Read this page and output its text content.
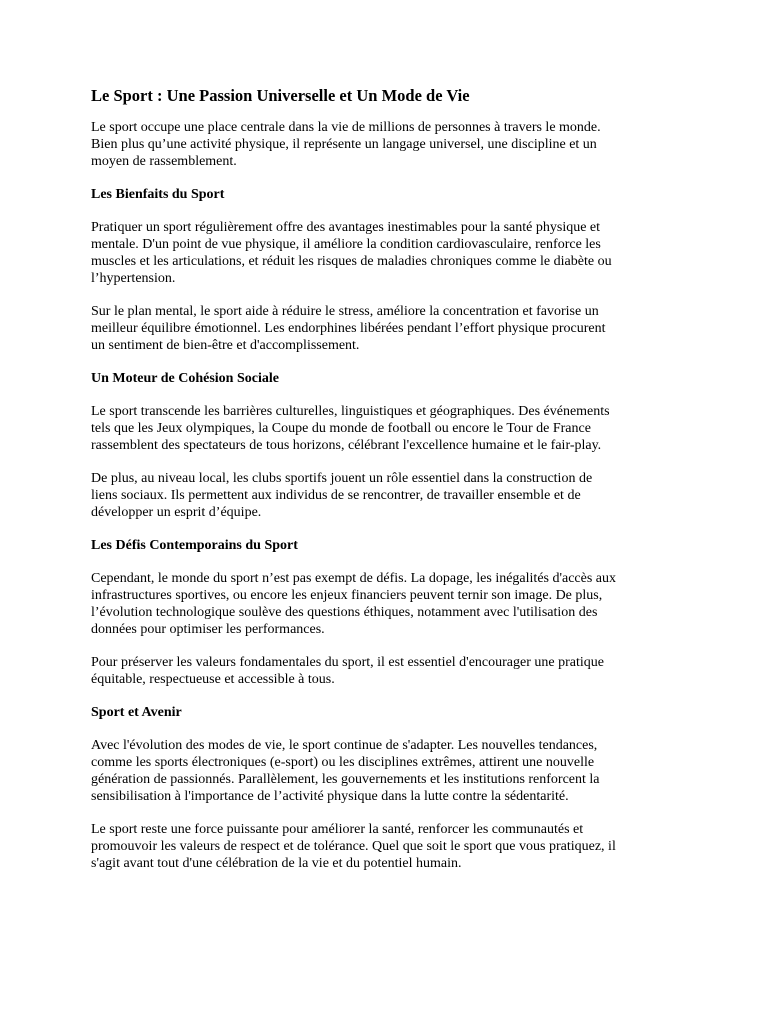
Le Sport : Une Passion Universelle et Un Mode de Vie
Le sport occupe une place centrale dans la vie de millions de personnes à travers le monde.
Bien plus qu’une activité physique, il représente un langage universel, une discipline et un
moyen de rassemblement.
Les Bienfaits du Sport
Pratiquer un sport régulièrement offre des avantages inestimables pour la santé physique et
mentale. D'un point de vue physique, il améliore la condition cardiovasculaire, renforce les
muscles et les articulations, et réduit les risques de maladies chroniques comme le diabète ou
l’hypertension.
Sur le plan mental, le sport aide à réduire le stress, améliore la concentration et favorise un
meilleur équilibre émotionnel. Les endorphines libérées pendant l’effort physique procurent
un sentiment de bien-être et d'accomplissement.
Un Moteur de Cohésion Sociale
Le sport transcende les barrières culturelles, linguistiques et géographiques. Des événements
tels que les Jeux olympiques, la Coupe du monde de football ou encore le Tour de France
rassemblent des spectateurs de tous horizons, célébrant l'excellence humaine et le fair-play.
De plus, au niveau local, les clubs sportifs jouent un rôle essentiel dans la construction de
liens sociaux. Ils permettent aux individus de se rencontrer, de travailler ensemble et de
développer un esprit d’équipe.
Les Défis Contemporains du Sport
Cependant, le monde du sport n’est pas exempt de défis. La dopage, les inégalités d'accès aux
infrastructures sportives, ou encore les enjeux financiers peuvent ternir son image. De plus,
l’évolution technologique soulève des questions éthiques, notamment avec l'utilisation des
données pour optimiser les performances.
Pour préserver les valeurs fondamentales du sport, il est essentiel d'encourager une pratique
équitable, respectueuse et accessible à tous.
Sport et Avenir
Avec l'évolution des modes de vie, le sport continue de s'adapter. Les nouvelles tendances,
comme les sports électroniques (e-sport) ou les disciplines extrêmes, attirent une nouvelle
génération de passionnés. Parallèlement, les gouvernements et les institutions renforcent la
sensibilisation à l'importance de l’activité physique dans la lutte contre la sédentarité.
Le sport reste une force puissante pour améliorer la santé, renforcer les communautés et
promouvoir les valeurs de respect et de tolérance. Quel que soit le sport que vous pratiquez, il
s'agit avant tout d'une célébration de la vie et du potentiel humain.
